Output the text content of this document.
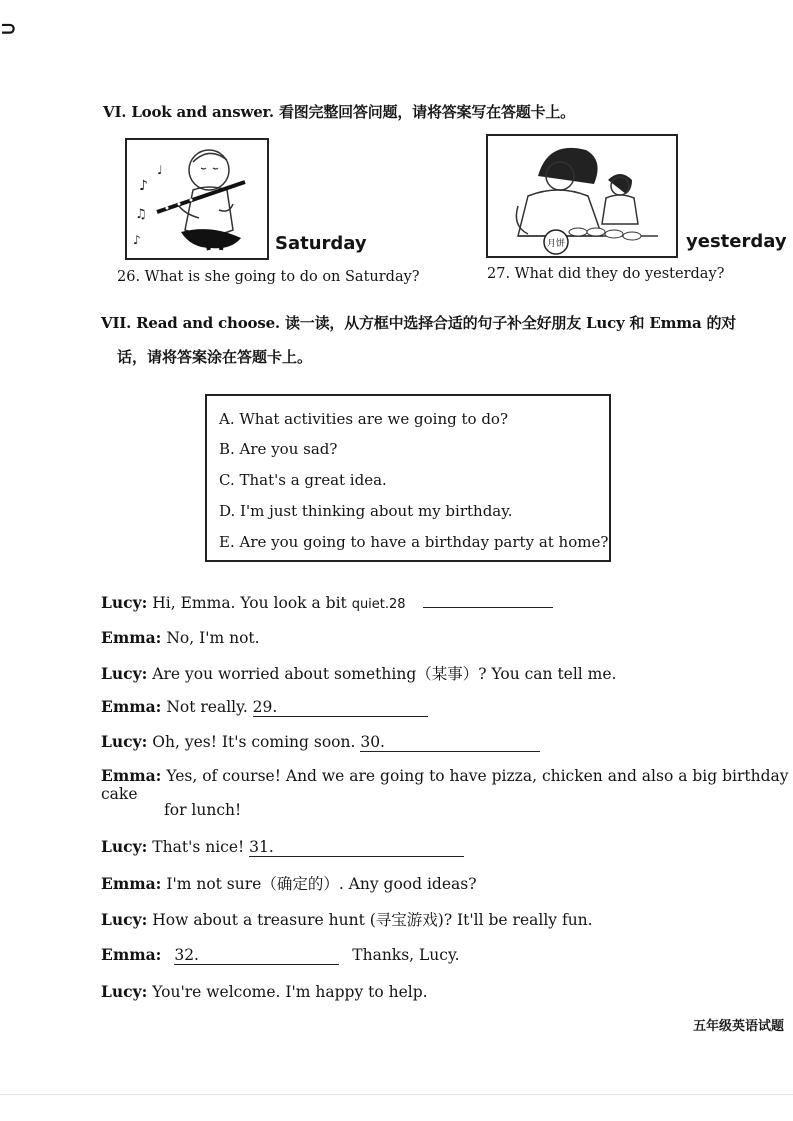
⊃
VI. Look and answer. 看图完整回答问题，请将答案写在答题卡上。
♪
♫
♩
♪	Saturday	月饼	yesterday
26. What is she going to do on Saturday?	27. What did they do yesterday?
VII. Read and choose. 读一读，从方框中选择合适的句子补全好朋友 Lucy 和 Emma 的对
话，请将答案涂在答题卡上。
A. What activities are we going to do?
B. Are you sad?
C. That's a great idea.
D. I'm just thinking about my birthday.
E. Are you going to have a birthday party at home?
Lucy: Hi, Emma. You look a bit quiet.28
Emma: No, I'm not.
Lucy: Are you worried about something（某事）? You can tell me.
Emma: Not really. 29.
Lucy: Oh, yes! It's coming soon. 30.
Emma: Yes, of course! And we are going to have pizza, chicken and also a big birthday cake
for lunch!
Lucy: That's nice! 31.
Emma: I'm not sure（确定的）. Any good ideas?
Lucy: How about a treasure hunt (寻宝游戏)? It'll be really fun.
Emma: 32.	Thanks, Lucy.
Lucy: You're welcome. I'm happy to help.
五年级英语试题
